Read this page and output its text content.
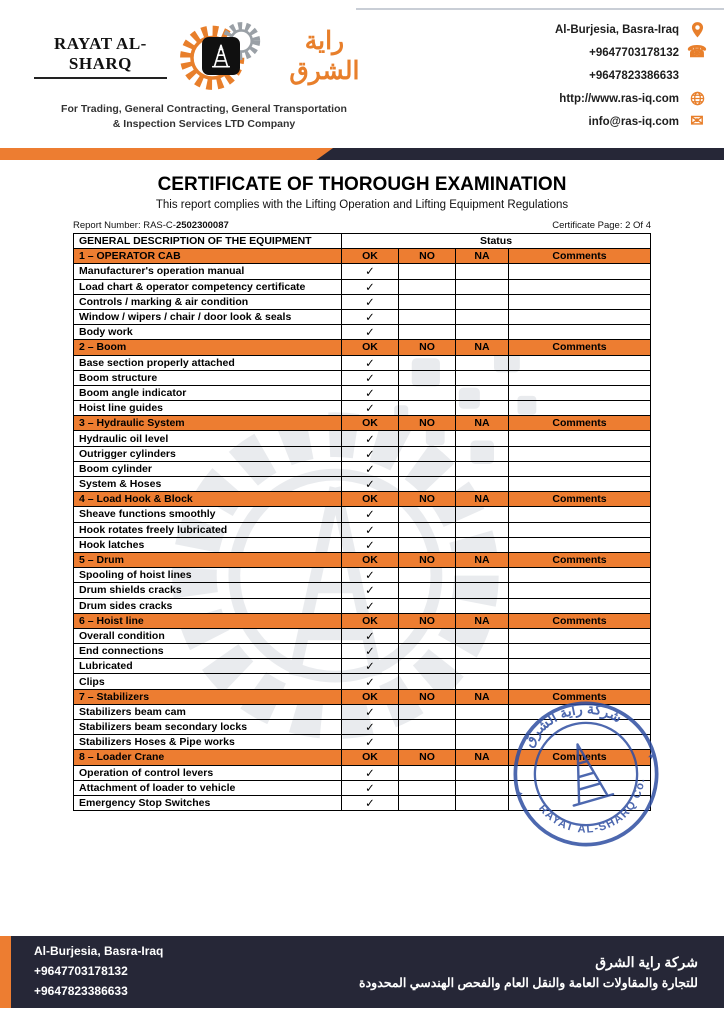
RAYAT AL-SHARQ
راية الشرق
For Trading, General Contracting, General Transportation
& Inspection Services LTD Company
Al-Burjesia, Basra-Iraq
+9647703178132 ☎
+9647823386633
http://www.ras-iq.com
info@ras-iq.com ✉
CERTIFICATE OF THOROUGH EXAMINATION
This report complies with the Lifting Operation and Lifting Equipment Regulations
Report Number: RAS-C-2502300087	Certificate Page: 2 Of 4
GENERAL DESCRIPTION OF THE EQUIPMENT	Status			
1 – OPERATOR CAB	OK	NO	NA	Comments
Manufacturer's operation manual	✓			
Load chart & operator competency certificate	✓			
Controls / marking & air condition	✓			
Window / wipers / chair / door look & seals	✓			
Body work	✓			
2 – Boom	OK	NO	NA	Comments
Base section properly attached	✓			
Boom structure	✓			
Boom angle indicator	✓			
Hoist line guides	✓			
3 – Hydraulic System	OK	NO	NA	Comments
Hydraulic oil level	✓			
Outrigger cylinders	✓			
Boom cylinder	✓			
System & Hoses	✓			
4 – Load Hook & Block	OK	NO	NA	Comments
Sheave functions smoothly	✓			
Hook rotates freely lubricated	✓			
Hook latches	✓			
5 – Drum	OK	NO	NA	Comments
Spooling of hoist lines	✓			
Drum shields cracks	✓			
Drum sides cracks	✓			
6 – Hoist line	OK	NO	NA	Comments
Overall condition	✓			
End connections	✓			
Lubricated	✓			
Clips	✓			
7 – Stabilizers	OK	NO	NA	Comments
Stabilizers beam cam	✓			
Stabilizers beam secondary locks	✓			
Stabilizers Hoses & Pipe works	✓			
8 – Loader Crane	OK	NO	NA	Comments
Operation of control levers	✓			
Attachment of loader to vehicle	✓			
Emergency Stop Switches	✓			
شركة راية الشرق
RAYAT AL-SHARQ Co.
✦
✦
Al-Burjesia, Basra-Iraq
+9647703178132
+9647823386633
شركة راية الشرق
للتجارة والمقاولات العامة والنقل العام والفحص الهندسي المحدودة
